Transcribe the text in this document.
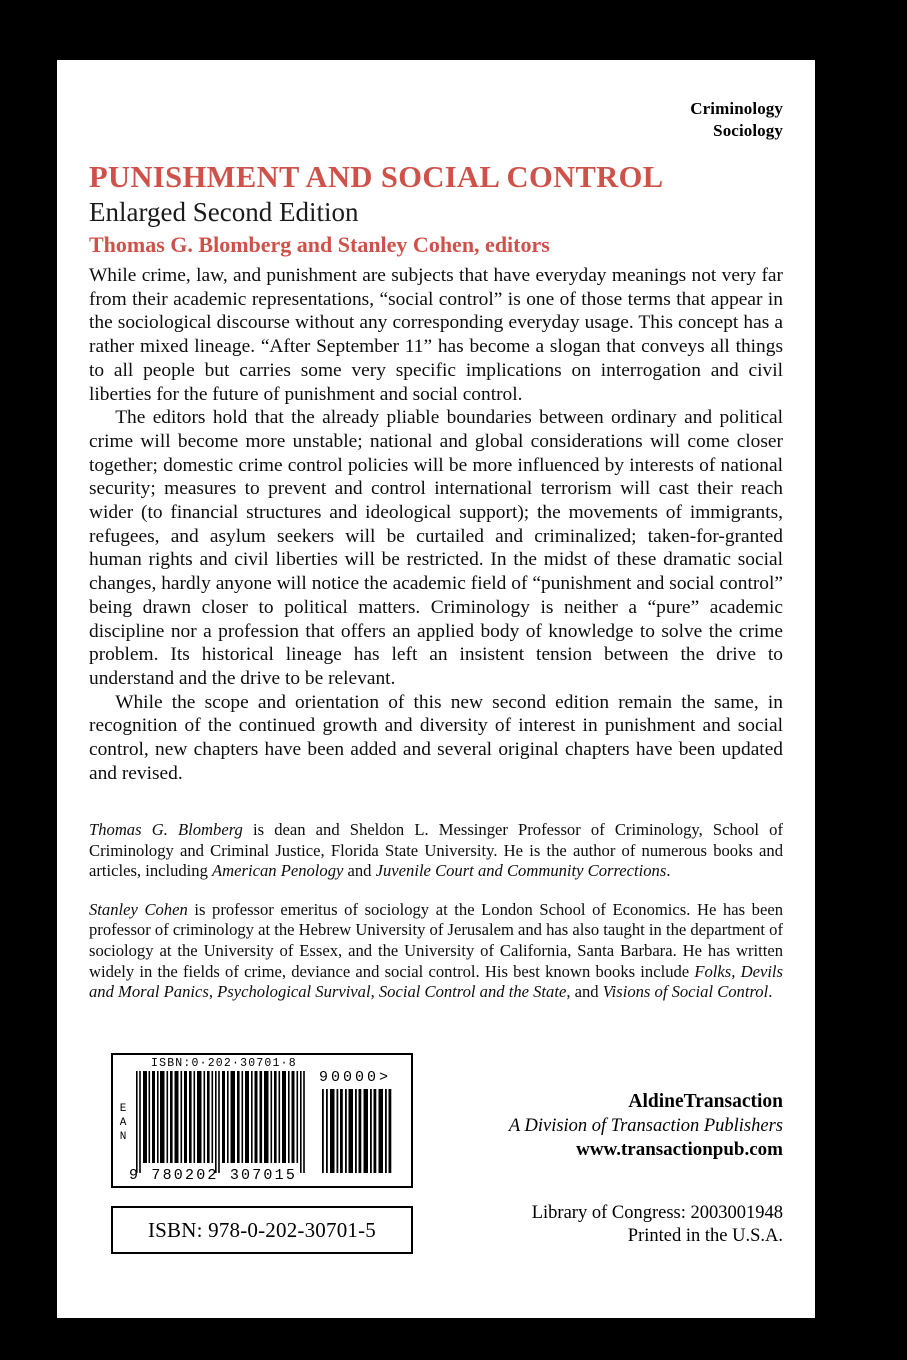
Criminology
Sociology
PUNISHMENT AND SOCIAL CONTROL
Enlarged Second Edition
Thomas G. Blomberg and Stanley Cohen, editors

While crime, law, and punishment are subjects that have everyday meanings not very far from their academic representations, “social control” is one of those terms that appear in the sociological discourse without any corresponding everyday usage. This concept has a rather mixed lineage. “After September 11” has become a slogan that conveys all things to all people but carries some very specific implications on interrogation and civil liberties for the future of punishment and social control.

The editors hold that the already pliable boundaries between ordinary and political crime will become more unstable; national and global considerations will come closer together; domestic crime control policies will be more influenced by interests of national security; measures to prevent and control international terrorism will cast their reach wider (to financial structures and ideological support); the movements of immigrants, refugees, and asylum seekers will be curtailed and criminalized; taken-for-granted human rights and civil liberties will be restricted. In the midst of these dramatic social changes, hardly anyone will notice the academic field of “punishment and social control” being drawn closer to political matters. Criminology is neither a “pure” academic discipline nor a profession that offers an applied body of knowledge to solve the crime problem. Its historical lineage has left an insistent tension between the drive to understand and the drive to be relevant.

While the scope and orientation of this new second edition remain the same, in recognition of the continued growth and diversity of interest in punishment and social control, new chapters have been added and several original chapters have been updated and revised.

Thomas G. Blomberg is dean and Sheldon L. Messinger Professor of Criminology, School of Criminology and Criminal Justice, Florida State University. He is the author of numerous books and articles, including American Penology and Juvenile Court and Community Corrections.

Stanley Cohen is professor emeritus of sociology at the London School of Economics. He has been professor of criminology at the Hebrew University of Jerusalem and has also taught in the department of sociology at the University of Essex, and the University of California, Santa Barbara. He has written widely in the fields of crime, deviance and social control. His best known books include Folks, Devils and Moral Panics, Psychological Survival, Social Control and the State, and Visions of Social Control.

ISBN:0·202·30701·8
EAN
9 780202 307015
90000>
ISBN: 978-0-202-30701-5
AldineTransaction
A Division of Transaction Publishers
www.transactionpub.com
Library of Congress: 2003001948
Printed in the U.S.A.
